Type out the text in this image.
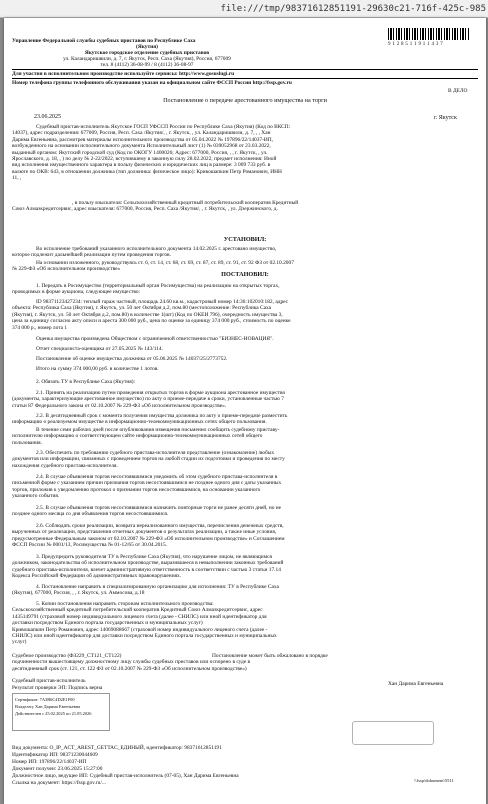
file:///tmp/98371612851191-29630c21-716f-425c-985
Управление Федеральной службы судебных приставов по Республике Саха
(Якутия)
Якутское городское отделение судебных приставов
ул. Каландаришвили, д. 7, г. Якутск, Респ. Саха (Якутия), Россия, 677009
тел. 8 (4112) 36-08-99 / 8 (4112) 36-08-97
9 1 2 8 5 1 1 9 1 1 4 3 7
Для участия в исполнительном производстве используйте сервисы: http://www.gosuslugi.ru
Номер телефона группы телефонного обслуживания указан на официальном сайте ФССП России http://fssp.gov.ru
В ДЕЛО
Постановление о передаче арестованного имущества на торги
23.06.2025	г. Якутск
Судебный пристав-исполнитель Якутское ГОСП УФССП России по Республике Саха (Якутия) (Код по ВКСП:
14037), адрес подразделения: 677009, Россия, Респ. Саха /Якутия/, , г. Якутск, , ул. Каландаришвили, д. 7, , , Хан
Дарима Евгеньевна, рассмотрев материалы исполнительного производства от 05.04.2022 № 197896/22/14037-ИП,
возбужденного на основании исполнительного документа Исполнительный лист (1) № 039052968 от 23.03.2022,
выданный органом: Якутский городской суд (Код по ОКОГУ 1400026; Адрес: 677000, Россия, , , г. Якутск, , ул.
Ярославского, д. 18, , ) по делу № 2-22/2022, вступившему в законную силу 28.02.2022, предмет исполнения: Иной
вид исполнения имущественного характера в пользу физических и юридических лиц в размере: 3 009 733 руб. в
валюте по ОКВ: 643, в отношении должника (тип должника: физическое лицо): Кривошапкин Петр Романович, ИНН
11, ,
, в пользу взыскателя: Сельскохозяйственный кредитный потребительский кооператив Кредитный
Союз Алмазкредитсервис, адрес взыскателя: 677000, Россия, Респ. Саха /Якутия/, , г. Якутск, , ул. Дзержинского, д.
УСТАНОВИЛ:
Во исполнение требований указанного исполнительного документа 14.02.2025 г. арестовано имущество,
которое подлежит дальнейшей реализации путем проведения торгов.
На основании изложенного, руководствуясь ст. 6, ст. 14, ст. 68, ст. 69, ст. 87, ст. 89, ст. 91, ст. 92 ФЗ от 02.10.2007
№ 229-ФЗ «Об исполнительном производстве»
ПОСТАНОВИЛ:
1. Передать в Росимущество (территориальный орган Росимущества) на реализацию на открытых торгах,
проводимых в форме аукциона, следующее имущество:
ID 98371123427234: теплый гараж частный, площадь 24.60 кв.м., кадастровый номер 14:36:102010:182, адрес
объекта: Республика Саха (Якутия), г. Якутск, ул. 50 лет Октября д.2, пом.80 (местоположение: Республика Саха
(Якутия), г. Якутск, ул. 50 лет Октября д.2, пом.80) в количестве 1(шт) (Код по ОКЕИ 796), очередность имущества 3,
цена за единицу согласно акту описи и ареста 300 000 руб., цена по оценке за единицу 374 000 руб., стоимость по оценке
374 000 р., номер лота 1
Оценка имущества произведена Обществом с ограниченной ответственностью "БИЗНЕС-НОВАЦИЯ".
Отчет специалиста-оценщика от 27.05.2025 № 143/114.
Постановление об оценке имущества должника от 05.06.2025 № 14037/25/2773752.
Итого на сумму 374 000,00 руб. в количестве 1 лотов.
2. Обязать ТУ в Республике Саха (Якутия):
2.1. Принять на реализацию путем проведения открытых торгов в форме аукциона арестованное имущество
(документы, характеризующие арестованное имущество) по акту о приеме-передаче в сроки, установленные частью 7
статьи 87 Федерального закона от 02.10.2007 № 229-ФЗ «Об исполнительном производстве».
2.2. В десятидневный срок с момента получения имущества должника по акту о приеме-передаче разместить
информацию о реализуемом имуществе в информационно-телекоммуникационных сетях общего пользования.
В течение семи рабочих дней после опубликования извещения письменно сообщить судебному приставу-
исполнителю информацию о соответствующем сайте информационно-телекоммуникационных сетей общего
пользования.
2.3. Обеспечить по требованию судебного пристава-исполнителя представление (ознакомление) любых
документов или информации, связанных с проведением торгов на любой стадии их подготовки и проведения по месту
нахождения судебного пристава-исполнителя.
2.4. В случае объявления торгов несостоявшимися уведомить об этом судебного пристава-исполнителя в
письменной форме с указанием причин признания торгов несостоявшимися не позднее одного дня с даты указанных
торгов, приложив к уведомлению протокол о признании торгов несостоявшимися, на основании указанного
указанного события.
2.5. В случае объявления торгов несостоявшимися назначить повторные торги не ранее десяти дней, но не
позднее одного месяца со дня объявления торгов несостоявшимися.
2.6. Соблюдать сроки реализации, возврата нереализованного имущества, перечисления денежных средств,
вырученных от реализации, представления отчетных документов о результатах реализации, а также иные условия,
предусмотренные Федеральным законом от 02.10.2007 № 229-ФЗ «Об исполнительном производстве» и Соглашением
ФССП России № 0001/13, Росимущества № 01-12/65 от 30.04.2015.
3. Предупредить руководителя ТУ в Республике Саха (Якутия), что нарушение лицом, не являющимся
должником, законодательства об исполнительном производстве, выразившееся в невыполнении законных требований
судебного пристава-исполнителя, влечет административную ответственность в соответствии с частью 3 статьи 17.14
Кодекса Российской Федерации об административных правонарушениях.
4. Постановление направить в специализированную организацию для исполнения: ТУ в Республике Саха
(Якутия), 677000, Россия, , , г. Якутск, ул. Аммосова, д.18
5. Копии постановления направить сторонам исполнительного производства:
Сельскохозяйственный кредитный потребительский кооператив Кредитный Союз Алмазкредитсервис, адрес
1435149791 (страховой номер индивидуального лицевого счета (далее - СНИЛС) или иной идентификатор для
доставки посредством Единого портала государственных и муниципальных услуг)
Кривошапкин Петр Романович, адрес 14069088667 (страховой номер индивидуального лицевого счета (далее -
СНИЛС) или иной идентификатор для доставки посредством Единого портала государственных и муниципальных
услуг)
Судебное производство (ФЗ229_СТ121_СТ122)	Постановление может быть обжаловано в порядке
подчиненности вышестоящему должностному лицу службы судебных приставов или оспорено в суде в
десятидневный срок (ст. 121, ст. 122 ФЗ от 02.10.2007 № 229-ФЗ «Об исполнительном производстве»)
Судебный пристав-исполнитель	Хан Дарима Евгеньевна
Результат проверки ЭП: Подпись верна
Сертификат: 7A3B6C4D2E1F00
Владелец: Хан Дарима Евгеньевна
Действителен с 25.02.2025 по 21.05.2026
Вид документа: О_IP_ACT_AREST_GETTAC_ЕДИНЫЙ, идентификатор: 98371612851191
Идентификатор ИП: 98371230044609
Номер ИП: 197896/22/14037-ИП
Документ получен: 23.06.2025 15:27:00
Должностное лицо, ведущее ИП: Судебный пристав-исполнитель (07-05), Хан Дарима Евгеньевна
Ссылка на документ: https://fssp.gov.ru/...	\\fssp\dokument\5511
